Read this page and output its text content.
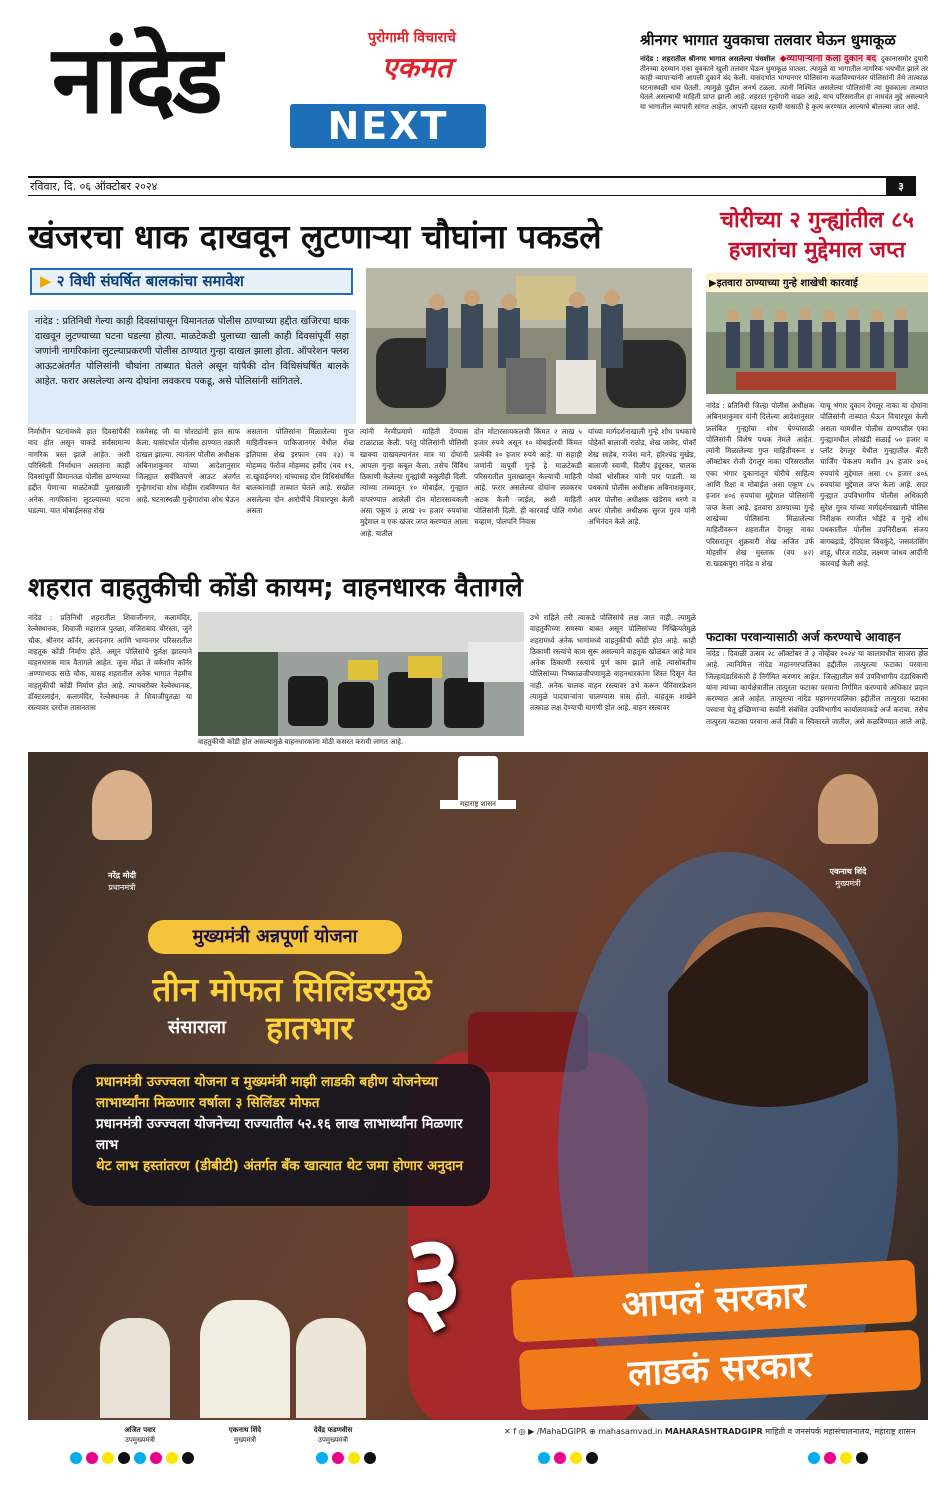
नांदेड	पुरोगामी विचाराचे
एकमत
NEXT
श्रीनगर भागात युवकाचा तलवार घेऊन धुमाकूळ
नांदेड : शहरातील श्रीनगर भागात असलेल्या पंचशील ◆व्यापाऱ्यांनी केली दुकाने बंद दुकानासमोर दुपारी तीनच्या दरम्यान एका युवकाने खुली तलवार घेऊन धुमाकूळ घातला. त्यामुळे या भागातील नागरिक भयभीत झाले तर काही व्यापाऱ्यांनी आपली दुकाने बंद केली. यासंदर्भात भाग्यनगर पोलिसांना कळविण्यानंतर पोलिसांनी तेथे तात्काळ घटनास्थळी धाव घेतली. त्यामुळे पुढील अनर्थ टळला. त्यानी निश्चित असलेल्या पोलिसांनी त्या युवकाला ताब्यात घेतले असल्याची माहिती प्राप्त झाली आहे. शहरात गुन्हेगारी वाढत आहे. याच परिसरातील हा नामवंत मुद्दे असल्याने या भागातील व्यापारी सांगत आहेत. आपली दहशत रहावी यासाठी हे कृत्य करण्यात आल्याचे बोलल्या जात आहे.
रविवार, दि. ०६ ऑक्टोबर २०२४	३
खंजरचा धाक दाखवून लुटणाऱ्या चौघांना पकडले
▶ २ विधी संघर्षित बालकांचा समावेश
नांदेड : प्रतिनिधी गेल्या काही दिवसांपासून विमानतळ पोलीस ठाण्याच्या हद्दीत खंजिरचा धाक दाखवून लुटण्याच्या घटना घडल्या होत्या. माळटेकडी पुलाच्या खाली काही दिवसांपूर्वी सहा जणांनी नागरिकांना लुटल्याप्रकरणी पोलीस ठाण्यात गुन्हा दाखल झाला होता. ऑपरेशन फ्लश आऊटअंतर्गत पोलिसांनी चौघांना ताब्यात घेतले असून यांपैकी दोन विधिसंघर्षित बालके आहेत. फरार असलेल्या अन्य दोघांना लवकरच पकडू, असे पोलिसांनी सांगितले.
निर्माधीन घटनांमध्ये हात दिवसांपैकी वाद होत असून याकडे सर्वसामान्य नागरिक त्रस्त झाले आहेत. अशी परिस्थिती निर्माधान असताना काही दिवसांपूर्वी विमानतळ पोलीस ठाण्याच्या हद्दीत येणाऱ्या माळटेकडी पुलाखाली अनेक नागरिकांना लुटल्याच्या घटना घडल्या. यात मोबाईलसह रोख
रकमेसह जी या चोरट्यांनी हात साफ केला. यासंदर्भात पोलीस ठाण्यात तक्रारी दाखल झाल्या. त्यानंतर पोलीस अधीक्षक अबिनाशकुमार यांच्या आदेशानुसार जिल्ह्यात सर्वत्रितपणे आऊट अंतर्गत गुन्हेगारांचा शोध मोहीम राबविण्यात येत आहे. घटनास्थळी गुन्हेगारांचा शोध घेऊन
असताना पोलिसांना मिळालेल्या गुप्त माहितीवरून पाकिजानगर येथील शेख इलियास शेख इरफान (वय २३) व मोहम्मद फेरोज मोहम्मद हमीद (वय १९, रा.खुदाईनगर) यांच्यासह दोन विधिसंघर्षित बालकांनाही ताब्यात घेतले आहे. सखोल असलेल्या दोन आरोपींचे विचारपूस केली असता
त्यांनी नेरमीप्रमाणे माहिती देण्यास टाळाटाळ केली. परंतु पोलिसांनी पोलिसी खाक्या दाखवल्यानंतर मात्र या दोघांनी आपला गुन्हा कबूल केला. तसेच विविध ठिकाणी केलेल्या गुन्ह्यांची कबुलीही दिली. त्यांच्या ताब्यातून १० मोबाईल, गुन्ह्यात वापरण्यात आलेली दोन मोटारसायकली असा एकूण ३ लाख २० हजार रुपयांचा मुद्देमाल व एक खंजर जप्त करण्यात आला आहे. यातील
दोन मोटारसायकलची किंमत २ लाख ५ हजार रुपये असून १० मोबाईलची किंमत प्रत्येकी २० हजार रुपये आहे. या सहाही जणांनी यापूर्वी गुन्हे हे माळटेकडी परिसरातील पुलाखालून केल्याची माहिती आहे. फरार असलेल्या दोघांना लवकरच अटक केली जाईल, अशी माहिती पोलिसांनी दिली. ही कारवाई पोलि गणेश चव्हाण, पोलपनि निवास
यांच्या मार्गदर्शनाखाली गुन्हे शोध पथकाचे पोहेकॉ बालाजी राठोड, शेख जावेद, पोकॉ शेख साहेब, राजेश माने, हरिश्चंद्र मुखेड, बालाजी स्वामी, दिलीप इंदूरकर, चालक पोकॉ भोसीकर यांनी पार पाडली. या पथकाचे पोलीस अधीक्षक अबिनाशकुमार, अपर पोलीस अधीक्षक खंडेराव धरणे व अपर पोलीस अधीक्षक सुरज गुरव यांनी अभिनंदन केले आहे.
चोरीच्या २ गुन्ह्यांतील ८५ हजारांचा मुद्देमाल जप्त
▶इतवारा ठाण्याच्या गुन्हे शाखेची कारवाई
नांदेड : प्रतिनिधी जिल्हा पोलीस अधीक्षक अबिनाशकुमार यांनी दिलेल्या आदेशानुसार फ्रलंबित गुन्ह्यांचा शोध घेण्यासाठी पोलिसांनी विशेष पथक नेमले आहेत. त्यांनी मिळालेल्या गुप्त माहितीवरून ४ ऑक्टोबर रोजी देगलूर नाका परिसरातील एका भंगार दुकानातून चोरीचे साहित्य आणि रिक्षा व मोबाईल असा एकूण ८५ हजार ४०६ रुपयांचा मुद्देमाल पोलिसांनी जप्त केला आहे. इतवारा ठाण्याच्या गुन्हे शाखेच्या पोलिसांना मिळालेल्या माहितीवरून शहरातील देगलूर नाका परिसरातून शुक्रवारी शेख अजित उर्फ मोहसीन शेख मुस्ताक (वय ४२) रा.खडकपुरा नांदेड व शेख
याचू भंगार दुकान देगलूर नाका या दोघांना पोलिसांनी ताब्यात घेऊन विचारपूस केली असता यामधील पोलीस ठाण्यातील एका गुन्ह्यामधील लोखंडी सळाई ५० हजार व प्लॉट देगलूर येथील गुन्ह्यातील बॅटरी चार्जिंग पेकअप मशीन ३५ हजार ४०६ रुपयांचे मुद्देमाल असा ८५ हजार ४०६ रुपयांचा मुद्देमाल जप्त केला आहे. सदर गुन्ह्यात उपविभागीय पोलीस अधिकारी सुरेश गुरव यांच्या मार्गदर्शनाखाली पोलिस निरीक्षक रणजीत भोईटे व गुन्हे शोध पथकातील पोलीस उपनिरीक्षक संजय बागबढ़ाडे, देविदास बिचकुंदे, जसवंतसिंग शाहू, धीरज राठोड, लक्ष्मण जाधव आदींनी कारवाई केली आहे.
शहरात वाहतुकीची कोंडी कायम; वाहनधारक वैतागले
नांदेड : प्रतिनिधी शहरातील शिवाजीनगर, कलामंदिर, रेल्वेस्थानक, शिवाजी महाराज पुतळा, वजिराबाद चौरस्ता, जुने चौक, श्रीनगर कॉर्नर, आनंदनगर आणि भाग्यनगर परिसरातील वाहतूक कोंडी निर्माण होते. असून पोलिसांचे दुर्लक्ष झाल्याने वाहनधारक मात्र वैतागले आहेत. जुना मोंढा ते वर्कशॉप कॉर्नर अण्णाभाऊ साठे चौक, यासह शहरातील अनेक भागात नेहमीच वाहतुकीची कोंडी निर्माण होत आहे. त्याचबरोबर रेल्वेस्थानक, डॉक्टरलाईन, कलामंदिर, रेल्वेस्थानक ते शिवाजीपुतळा या रस्त्यावर दररोज तासनतास
वाहतुकीची कोंडी होत असल्यामुळे वाहनधारकांना मोठी कसरत करावी लागत आहे.
उभे राहिले तरी त्याकडे पोलिसांचे लक्ष जात नाही. त्यामुळे वाहतुकीच्या समस्या बाबत असून पोलिसांच्या निष्क्रियतेमुळे शहरामध्ये अनेक भागांमध्ये वाहतुकीची कोंडी होत आहे. काही ठिकाणी रस्त्यांचे काम सुरू असल्याने वाहतूक खोळंबत आहे मात्र अनेक ठिकाणी रस्त्याचे पूर्ण काम झाले आहे त्यासोबतीच पोलिसांच्या निष्काळजीपणामुळे वाहनधारकांना शिस्त दिसून येत नाही. अनेक चालक वाहन रस्त्यावर उभे करून पेनिंवारफ्रेशन त्यामुळे पादचाऱ्यांना चालण्यास त्रास होतो. वाहतूक शाखेने तत्काळ लक्ष देण्याची मागणी होत आहे. वाहन रस्त्यावर
फटाका परवान्यासाठी अर्ज करण्याचे आवाहन
नांदेड : दिवाळी उत्सव २८ ऑक्टोबर ते ३ नोव्हेंबर २०२४ या कालावधीत साजरा होत आहे. त्यानिमित्त नांदेड महानगरपालिका हद्दीतील तात्पुरत्या फटाका परवाना जिल्हादंडाधिकारी हे निर्गमित करणार आहेत. जिल्ह्यातील सर्व उपविभागीय दंडाधिकारी यांना त्यांच्या कार्यक्षेत्रातील तात्पुरता फटाका परवाना निर्गमित करण्याचे अधिकार प्रदान करण्यात आले आहेत. तात्पुरत्या नांदेड महानगरपालिका हद्दीतील तात्पुरता फटाका परवाना घेतू इच्छिणाऱ्या सर्वांनी संबंधित उपविभागीय कार्यालयाकडे अर्ज करावा. तसेच तात्पुरता फटाका परवाना अर्ज विक्री व स्विकारले जातील, असे कळविण्यात आले आहे.
महाराष्ट्र शासन
नरेंद्र मोदी
प्रधानमंत्री
एकनाथ शिंदे
मुख्यमंत्री
मुख्यमंत्री अन्नपूर्णा योजना
तीन मोफत सिलिंडरमुळे
संसाराला हातभार
प्रधानमंत्री उज्ज्वला योजना व मुख्यमंत्री माझी लाडकी बहीण योजनेच्या लाभार्थ्यांना मिळणार वर्षाला ३ सिलिंडर मोफत
प्रधानमंत्री उज्ज्वला योजनेच्या राज्यातील ५२.१६ लाख लाभार्थ्यांना मिळणार लाभ
थेट लाभ हस्तांतरण (डीबीटी) अंतर्गत बँक खात्यात थेट जमा होणार अनुदान
३	आपलं सरकार
लाडकं सरकार
अजित पवार
उपमुख्यमंत्री
एकनाथ शिंदे
मुख्यमंत्री
देवेंद्र फडणवीस
उपमुख्यमंत्री
✕ f ◎ ▶ /MahaDGIPR ⊕ mahasamvad.in MAHARASHTRADGIPR माहिती व जनसंपर्क महासंचालनालय, महाराष्ट्र शासन
